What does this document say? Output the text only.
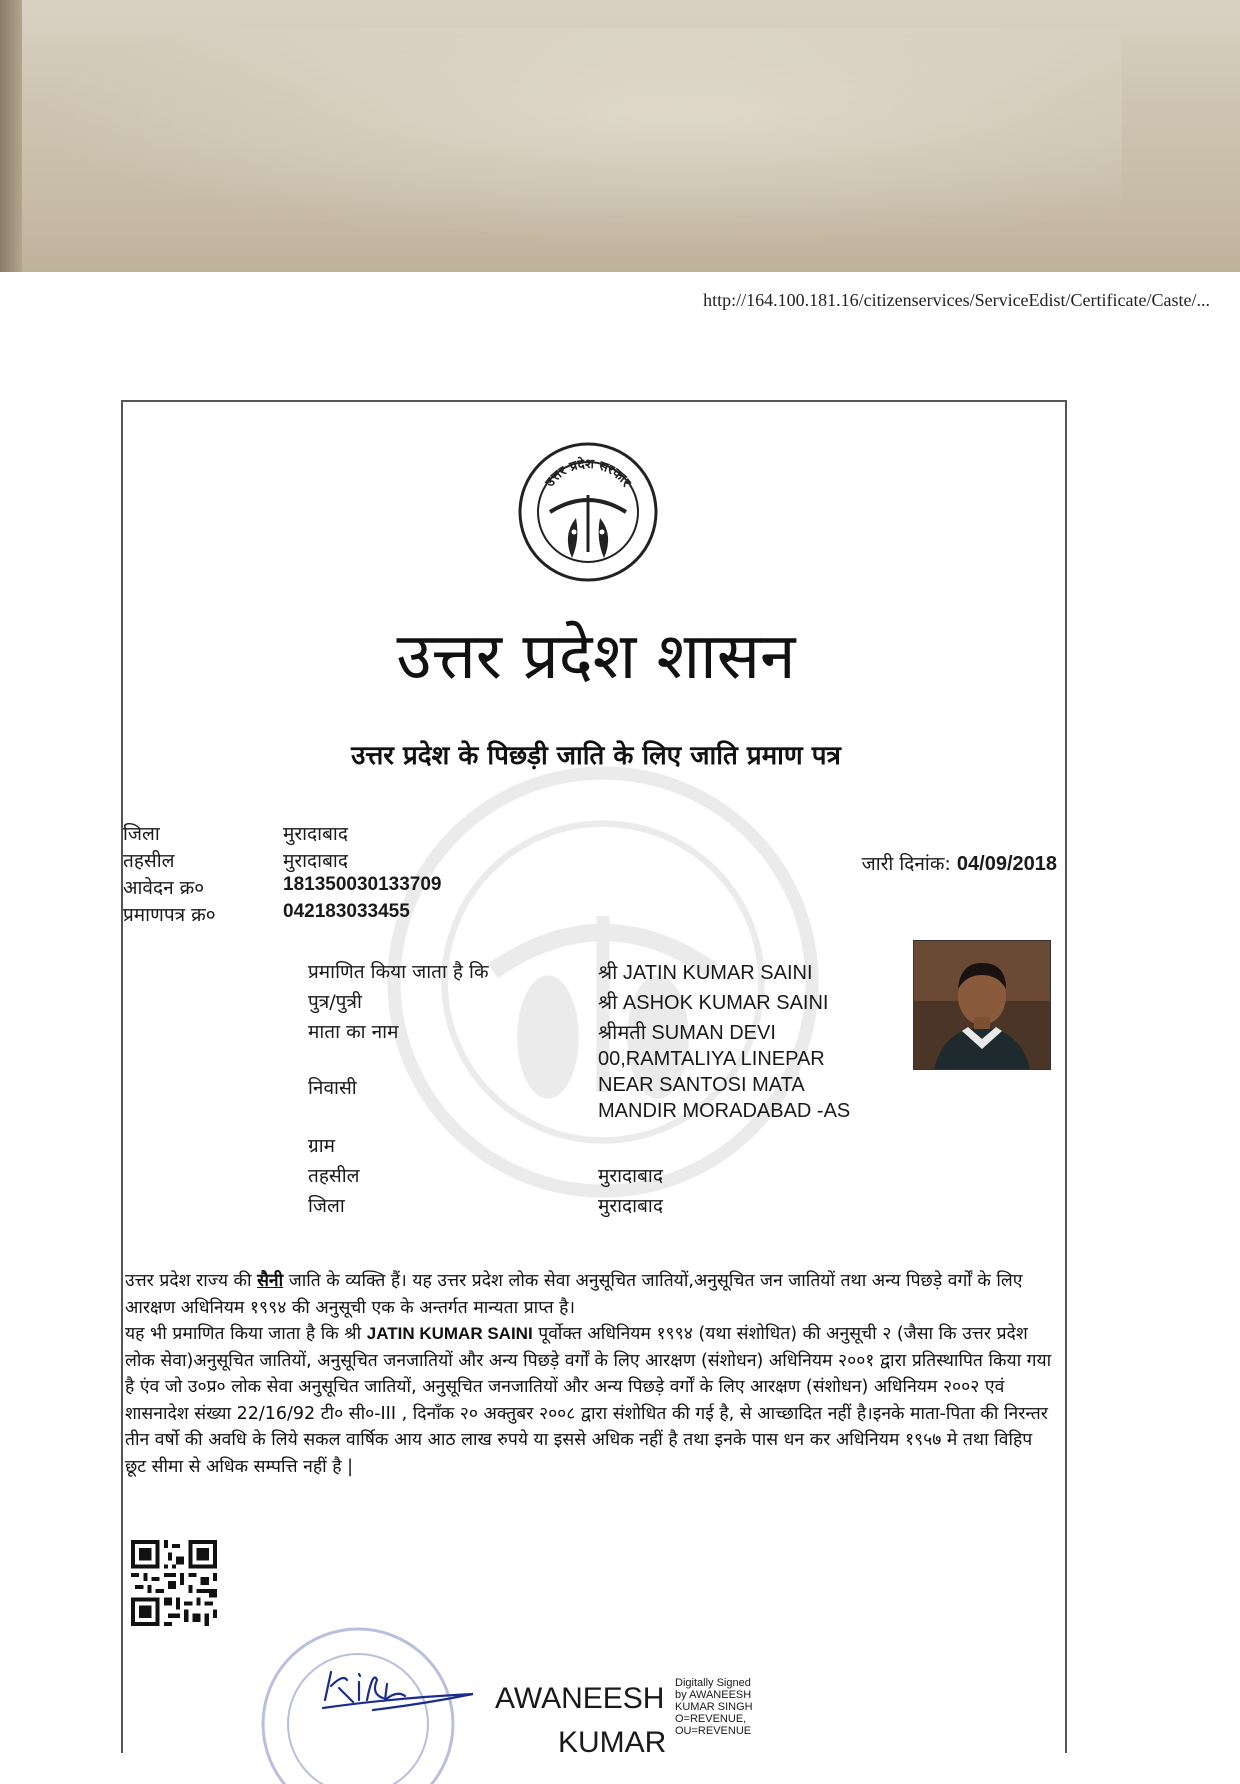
http://164.100.181.16/citizenservices/ServiceEdist/Certificate/Caste/...
उत्तर प्रदेश सरकार
उत्तर प्रदेश शासन
उत्तर प्रदेश के पिछड़ी जाति के लिए जाति प्रमाण पत्र
जिला	मुरादाबाद
तहसील	मुरादाबाद
आवेदन क्र०	181350030133709
प्रमाणपत्र क्र०	042183033455
जारी दिनांक: 04/09/2018
प्रमाणित किया जाता है कि	श्री JATIN KUMAR SAINI
पुत्र/पुत्री	श्री ASHOK KUMAR SAINI
माता का नाम	श्रीमती SUMAN DEVI
00,RAMTALIYA LINEPAR
निवासी	NEAR SANTOSI MATA
MANDIR MORADABAD -AS
ग्राम
तहसील	मुरादाबाद
जिला	मुरादाबाद
उत्तर प्रदेश राज्य की सैनी जाति के व्यक्ति हैं। यह उत्तर प्रदेश लोक सेवा अनुसूचित जातियों,अनुसूचित जन जातियों तथा अन्य पिछड़े वर्गों के लिए आरक्षण अधिनियम १९९४ की अनुसूची एक के अन्तर्गत मान्यता प्राप्त है।
यह भी प्रमाणित किया जाता है कि श्री JATIN KUMAR SAINI पूर्वोक्त अधिनियम १९९४ (यथा संशोधित) की अनुसूची २ (जैसा कि उत्तर प्रदेश लोक सेवा)अनुसूचित जातियों, अनुसूचित जनजातियों और अन्य पिछड़े वर्गों के लिए आरक्षण (संशोधन) अधिनियम २००१ द्वारा प्रतिस्थापित किया गया है एंव जो उ०प्र० लोक सेवा अनुसूचित जातियों, अनुसूचित जनजातियों और अन्य पिछड़े वर्गों के लिए आरक्षण (संशोधन) अधिनियम २००२ एवं शासनादेश संख्या 22/16/92 टी० सी०-III , दिनाँक २० अक्तुबर २००८ द्वारा संशोधित की गई है, से आच्छादित नहीं है।इनके माता-पिता की निरन्तर तीन वर्षो की अवधि के लिये सकल वार्षिक आय आठ लाख रुपये या इससे अधिक नहीं है तथा इनके पास धन कर अधिनियम १९५७ मे तथा विहिप छूट सीमा से अधिक सम्पत्ति नहीं है |
AWANEESH
KUMAR
Digitally Signed
by AWANEESH
KUMAR SINGH
O=REVENUE,
OU=REVENUE
